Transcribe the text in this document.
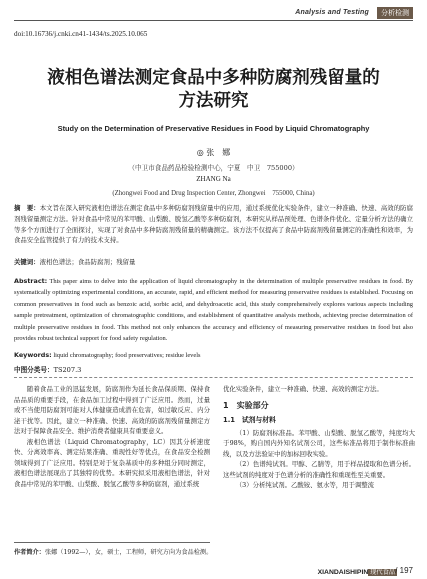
Analysis and Testing	分析检测
doi:10.16736/j.cnki.cn41-1434/ts.2025.10.065
液相色谱法测定食品中多种防腐剂残留量的
方法研究
Study on the Determination of Preservative Residues in Food by Liquid Chromatography
◎ 张　娜
（中卫市食品药品检验检测中心，宁夏　中卫　755000）
ZHANG Na
(Zhongwei Food and Drug Inspection Center, Zhongwei　755000, China)
摘　要：本文旨在深入研究液相色谱法在测定食品中多种防腐剂残留量中的应用，通过系统优化实验条件，建立一种准确、快速、高效的防腐剂残留量测定方法。针对食品中常见的苯甲酸、山梨酸、脱氢乙酸等多种防腐剂，本研究从样品预处理、色谱条件优化、定量分析方法的确立等多个方面进行了全面探讨，实现了对食品中多种防腐剂残留量的精确测定。该方法不仅提高了食品中防腐剂残留量测定的准确性和效率，为食品安全监管提供了有力的技术支持。
关键词：液相色谱法；食品防腐剂；残留量
Abstract: This paper aims to delve into the application of liquid chromatography in the determination of multiple preservative residues in food. By systematically optimizing experimental conditions, an accurate, rapid, and efficient method for measuring preservative residues is established. Focusing on common preservatives in food such as benzoic acid, sorbic acid, and dehydroacetic acid, this study comprehensively explores various aspects including sample pretreatment, optimization of chromatographic conditions, and establishment of quantitative analysis methods, achieving precise determination of multiple preservative residues in food. This method not only enhances the accuracy and efficiency of measuring preservative residues in food but also provides robust technical support for food safety regulation.
Keywords: liquid chromatography; food preservatives; residue levels
中图分类号：TS207.3

随着食品工业的迅猛发展，防腐剂作为延长食品保质期、保持食品品质的重要手段，在食品加工过程中得到了广泛应用。然而，过量或不当使用防腐剂可能对人体健康造成潜在危害，如过敏反应、内分泌干扰等。因此，建立一种准确、快速、高效的防腐剂残留量测定方法对于保障食品安全、维护消费者健康具有重要意义。

液相色谱法（Liquid Chromatography，LC）因其分析速度快、分离效率高、测定结果准确、重现性好等优点，在食品安全检测领域得到了广泛应用。特别是对于复杂基质中的多种组分同时测定，液相色谱法展现出了其独特的优势。本研究拟采用液相色谱法，针对食品中常见的苯甲酸、山梨酸、脱氢乙酸等多种防腐剂，通过系统

优化实验条件，建立一种准确、快速、高效的测定方法。

1　实验部分

1.1　试剂与材料

（1）防腐剂标准品。苯甲酸、山梨酸、脱氢乙酸等，纯度均大于98%，购自国内外知名试剂公司，这些标准品将用于制作标准曲线，以及方法验证中的加标回收实验。

（2）色谱纯试剂。甲醇、乙腈等，用于样品提取和色谱分析。这些试剂的纯度对于色谱分析的准确性和重现性至关重要。

（3）分析纯试剂。乙酸铵、氨水等，用于调整流

作者简介：张娜（1992—），女，硕士，工程师，研究方向为食品检测。
XIANDAISHIPIN 现代食品 / 197
